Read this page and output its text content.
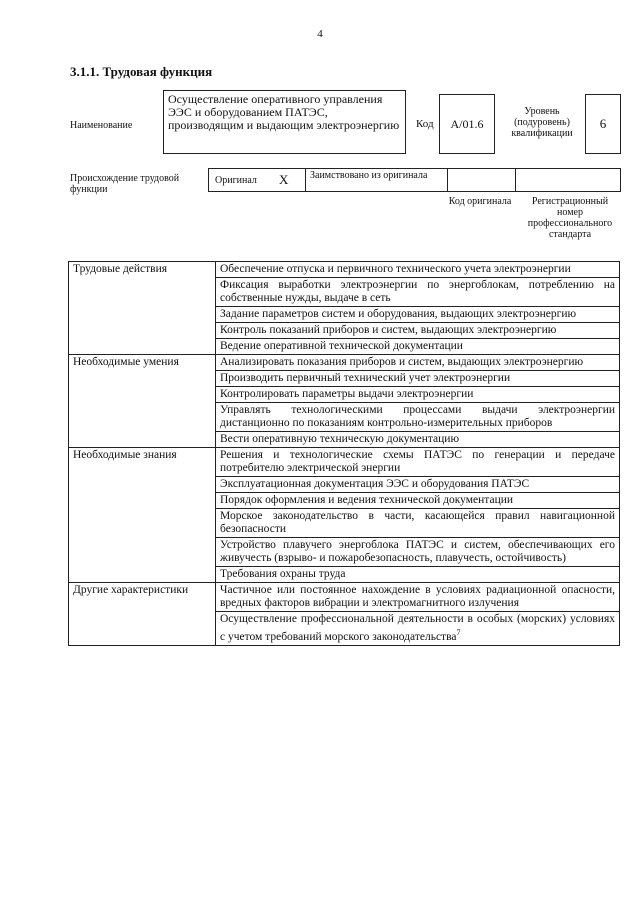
4
3.1.1. Трудовая функция
Наименование
Осуществление оперативного управления ЭЭС и оборудованием ПАТЭС, производящим и выдающим электроэнергию	Код А/01.6
Уровень (подуровень) квалификации
6
Происхождение трудовой функции
Оригинал X Заимствовано из оригинала
Код оригинала	Регистрационный номер профессионального стандарта
Трудовые действия	Обеспечение отпуска и первичного технического учета электроэнергии
	Фиксация выработки электроэнергии по энергоблокам, потреблению на собственные нужды, выдаче в сеть
	Задание параметров систем и оборудования, выдающих электроэнергию
	Контроль показаний приборов и систем, выдающих электроэнергию
	Ведение оперативной технической документации
Необходимые умения	Анализировать показания приборов и систем, выдающих электроэнергию
	Производить первичный технический учет электроэнергии
	Контролировать параметры выдачи электроэнергии
	Управлять технологическими процессами выдачи электроэнергии дистанционно по показаниям контрольно-измерительных приборов
	Вести оперативную техническую документацию
Необходимые знания	Решения и технологические схемы ПАТЭС по генерации и передаче потребителю электрической энергии
	Эксплуатационная документация ЭЭС и оборудования ПАТЭС
	Порядок оформления и ведения технической документации
	Морское законодательство в части, касающейся правил навигационной безопасности
	Устройство плавучего энергоблока ПАТЭС и систем, обеспечивающих его живучесть (взрыво- и пожаробезопасность, плавучесть, остойчивость)
	Требования охраны труда
Другие характеристики	Частичное или постоянное нахождение в условиях радиационной опасности, вредных факторов вибрации и электромагнитного излучения
	Осуществление профессиональной деятельности в особых (морских) условиях с учетом требований морского законодательства$^7$
